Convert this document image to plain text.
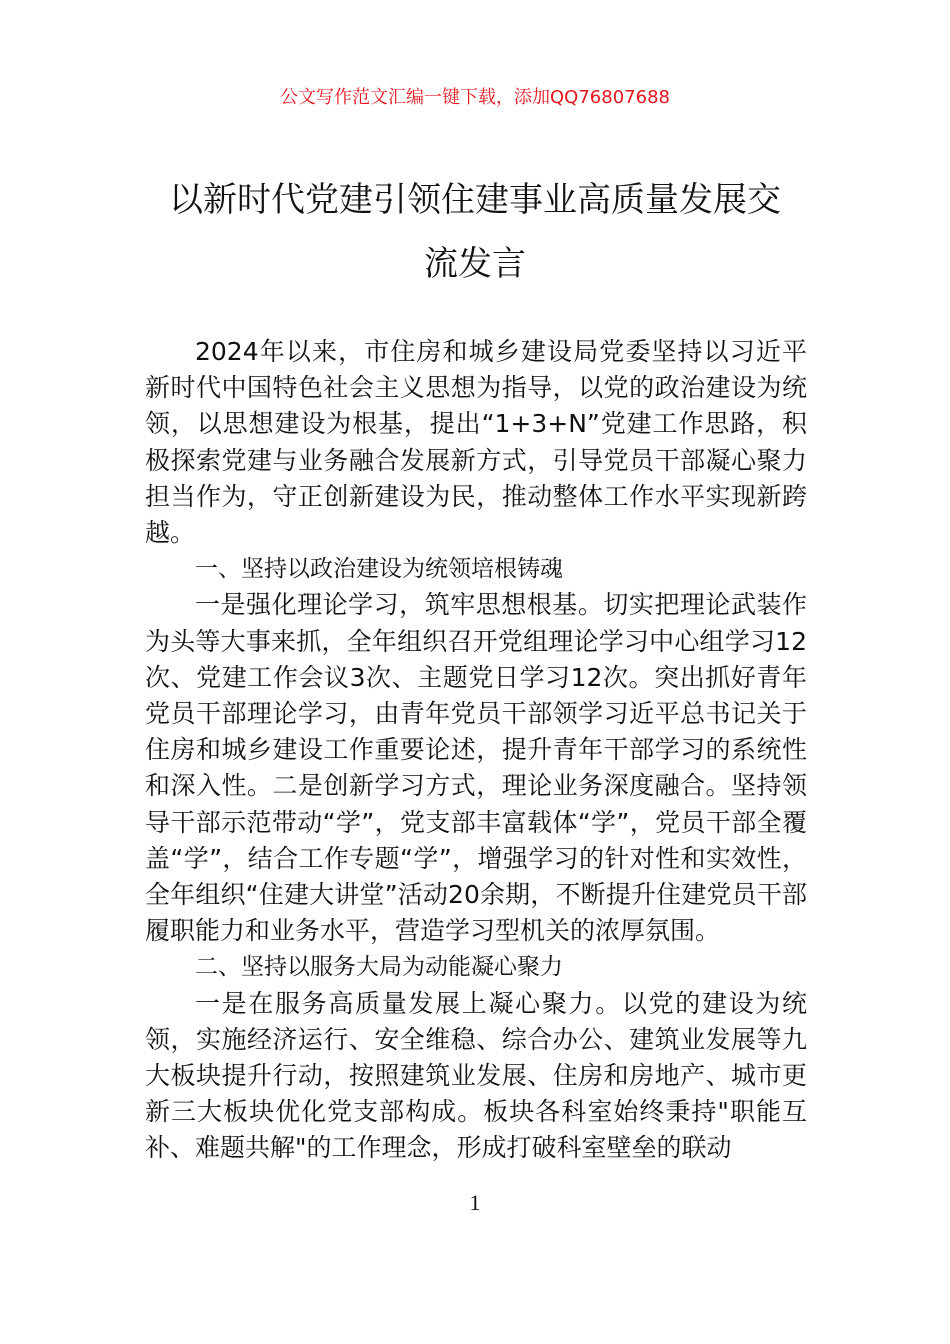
公文写作范文汇编一键下载，添加QQ76807688
以新时代党建引领住建事业高质量发展交
流发言

2024年以来，市住房和城乡建设局党委坚持以习近平新时代中国特色社会主义思想为指导，以党的政治建设为统领，以思想建设为根基，提出“1+3+N”党建工作思路，积极探索党建与业务融合发展新方式，引导党员干部凝心聚力担当作为，守正创新建设为民，推动整体工作水平实现新跨越。

一、坚持以政治建设为统领培根铸魂

一是强化理论学习，筑牢思想根基。切实把理论武装作为头等大事来抓，全年组织召开党组理论学习中心组学习12次、党建工作会议3次、主题党日学习12次。突出抓好青年党员干部理论学习，由青年党员干部领学习近平总书记关于住房和城乡建设工作重要论述，提升青年干部学习的系统性和深入性。二是创新学习方式，理论业务深度融合。坚持领导干部示范带动“学”，党支部丰富载体“学”，党员干部全覆盖“学”，结合工作专题“学”，增强学习的针对性和实效性，全年组织“住建大讲堂”活动20余期，不断提升住建党员干部履职能力和业务水平，营造学习型机关的浓厚氛围。

二、坚持以服务大局为动能凝心聚力

一是在服务高质量发展上凝心聚力。以党的建设为统领，实施经济运行、安全维稳、综合办公、建筑业发展等九大板块提升行动，按照建筑业发展、住房和房地产、城市更新三大板块优化党支部构成。板块各科室始终秉持"职能互补、难题共解"的工作理念，形成打破科室壁垒的联动

1
